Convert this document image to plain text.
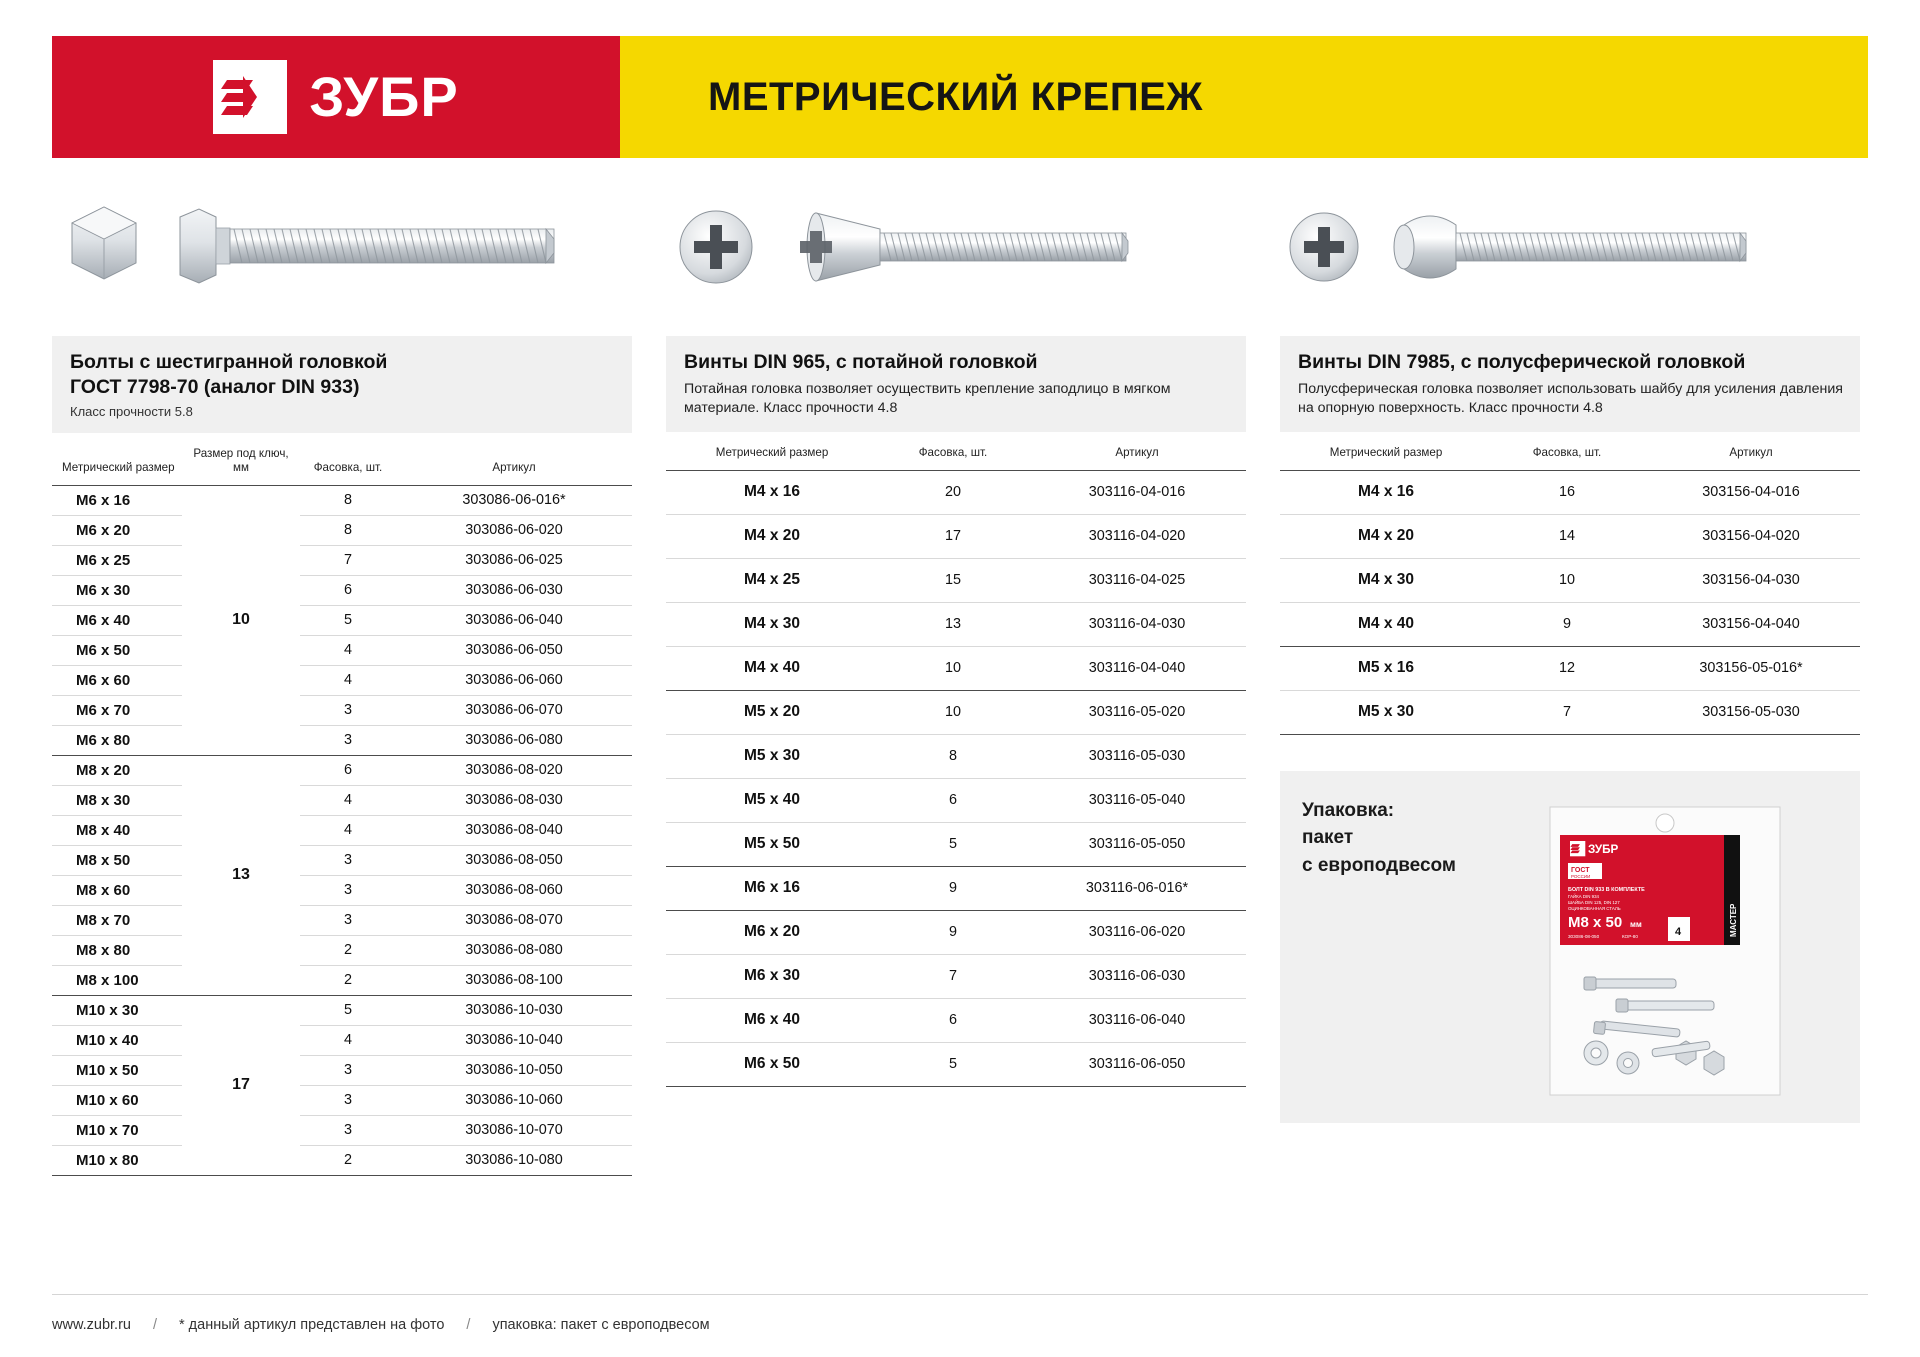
ЗУБР	МЕТРИЧЕСКИЙ КРЕПЕЖ
Болты с шестигранной головкой
ГОСТ 7798-70 (аналог DIN 933)
Класс прочности 5.8
Метрический размер	Размер под ключ, мм	Фасовка, шт.	Артикул
M6 x 16	10	8	303086-06-016*
M6 x 20		8	303086-06-020
M6 x 25		7	303086-06-025
M6 x 30		6	303086-06-030
M6 x 40		5	303086-06-040
M6 x 50		4	303086-06-050
M6 x 60		4	303086-06-060
M6 x 70		3	303086-06-070
M6 x 80		3	303086-06-080
M8 x 20	13	6	303086-08-020
M8 x 30		4	303086-08-030
M8 x 40		4	303086-08-040
M8 x 50		3	303086-08-050
M8 x 60		3	303086-08-060
M8 x 70		3	303086-08-070
M8 x 80		2	303086-08-080
M8 x 100		2	303086-08-100
M10 x 30	17	5	303086-10-030
M10 x 40		4	303086-10-040
M10 x 50		3	303086-10-050
M10 x 60		3	303086-10-060
M10 x 70		3	303086-10-070
M10 x 80		2	303086-10-080
Винты DIN 965, с потайной головкой
Потайная головка позволяет осуществить крепление заподлицо в мягком материале. Класс прочности 4.8
Метрический размер	Фасовка, шт.	Артикул
M4 x 16	20	303116-04-016
M4 x 20	17	303116-04-020
M4 x 25	15	303116-04-025
M4 x 30	13	303116-04-030
M4 x 40	10	303116-04-040
M5 x 20	10	303116-05-020
M5 x 30	8	303116-05-030
M5 x 40	6	303116-05-040
M5 x 50	5	303116-05-050
M6 x 16	9	303116-06-016*
M6 x 20	9	303116-06-020
M6 x 30	7	303116-06-030
M6 x 40	6	303116-06-040
M6 x 50	5	303116-06-050
Винты DIN 7985, с полусферической головкой
Полусферическая головка позволяет использовать шайбу для усиления давления на опорную поверхность. Класс прочности 4.8
Метрический размер	Фасовка, шт.	Артикул
M4 x 16	16	303156-04-016
M4 x 20	14	303156-04-020
M4 x 30	10	303156-04-030
M4 x 40	9	303156-04-040
M5 x 16	12	303156-05-016*
M5 x 30	7	303156-05-030
Упаковка:
пакет
с европодвесом
ЗУБР
ГОСТ
РОССИИ
БОЛТ DIN 933 В КОМПЛЕКТЕ
ГАЙКА DIN 934
ШАЙБА DIN 125, DIN 127
ОЦИНКОВАННАЯ СТАЛЬ
M8 x 50 мм
303086-08-050	КОР-80	4	МАСТЕР
www.zubr.ru	/	* данный артикул представлен на фото	/	упаковка: пакет с европодвесом
